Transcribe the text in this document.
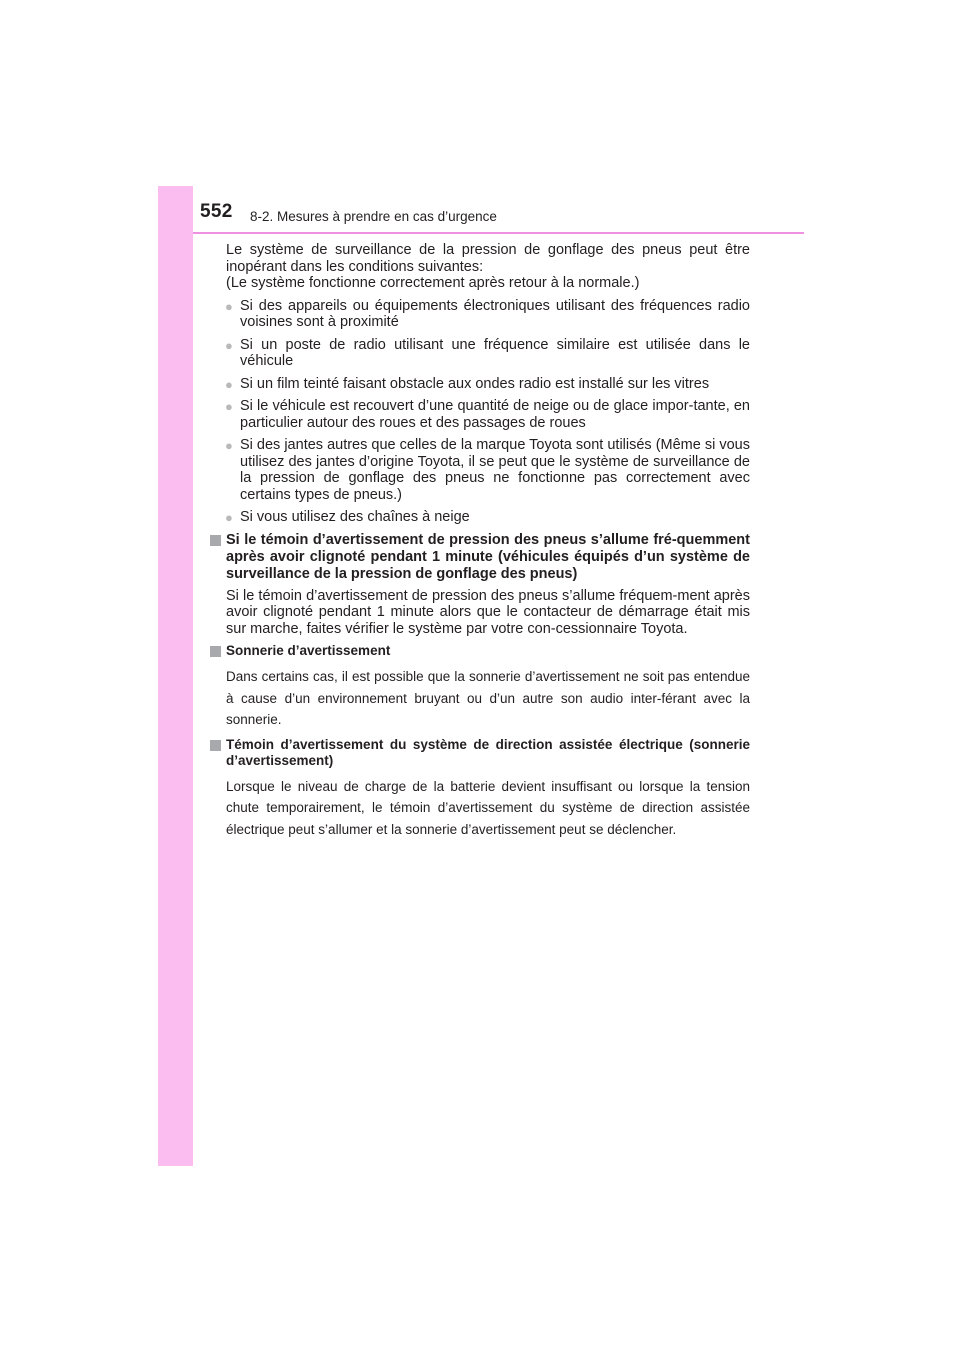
552 8-2. Mesures à prendre en cas d’urgence
Le système de surveillance de la pression de gonflage des pneus peut être inopérant dans les conditions suivantes:
(Le système fonctionne correctement après retour à la normale.)
● Si des appareils ou équipements électroniques utilisant des fréquences radio voisines sont à proximité
● Si un poste de radio utilisant une fréquence similaire est utilisée dans le véhicule
● Si un film teinté faisant obstacle aux ondes radio est installé sur les vitres
● Si le véhicule est recouvert d’une quantité de neige ou de glace impor-tante, en particulier autour des roues et des passages de roues
● Si des jantes autres que celles de la marque Toyota sont utilisés (Même si vous utilisez des jantes d’origine Toyota, il se peut que le système de surveillance de la pression de gonflage des pneus ne fonctionne pas correctement avec certains types de pneus.)
● Si vous utilisez des chaînes à neige
Si le témoin d’avertissement de pression des pneus s’allume fré-quemment après avoir clignoté pendant 1 minute (véhicules équipés d’un système de surveillance de la pression de gonflage des pneus)

Si le témoin d’avertissement de pression des pneus s’allume fréquem-ment après avoir clignoté pendant 1 minute alors que le contacteur de démarrage était mis sur marche, faites vérifier le système par votre con-cessionnaire Toyota.

Sonnerie d’avertissement

Dans certains cas, il est possible que la sonnerie d’avertissement ne soit pas entendue à cause d’un environnement bruyant ou d’un autre son audio inter-férant avec la sonnerie.

Témoin d’avertissement du système de direction assistée électrique (sonnerie d’avertissement)

Lorsque le niveau de charge de la batterie devient insuffisant ou lorsque la tension chute temporairement, le témoin d’avertissement du système de direction assistée électrique peut s’allumer et la sonnerie d’avertissement peut se déclencher.
